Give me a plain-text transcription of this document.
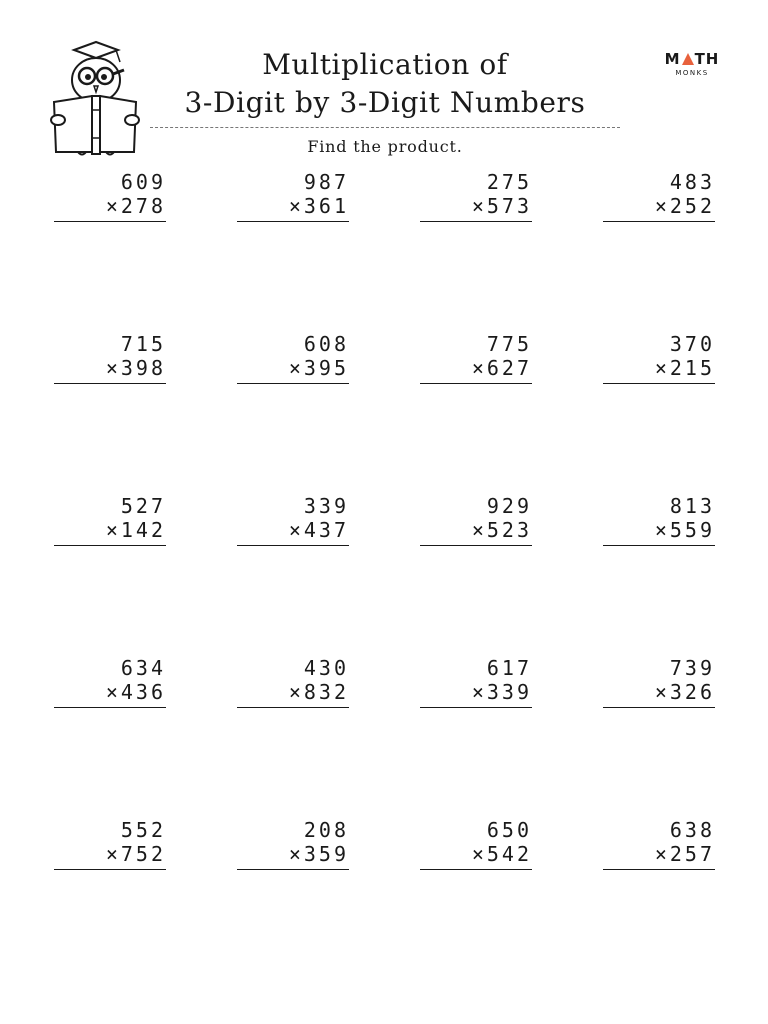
Multiplication of
3-Digit by 3-Digit Numbers
Find the product.
M TH
MONKS
609
×278
987
×361
275
×573
483
×252
715
×398
608
×395
775
×627
370
×215
527
×142
339
×437
929
×523
813
×559
634
×436
430
×832
617
×339
739
×326
552
×752
208
×359
650
×542
638
×257
